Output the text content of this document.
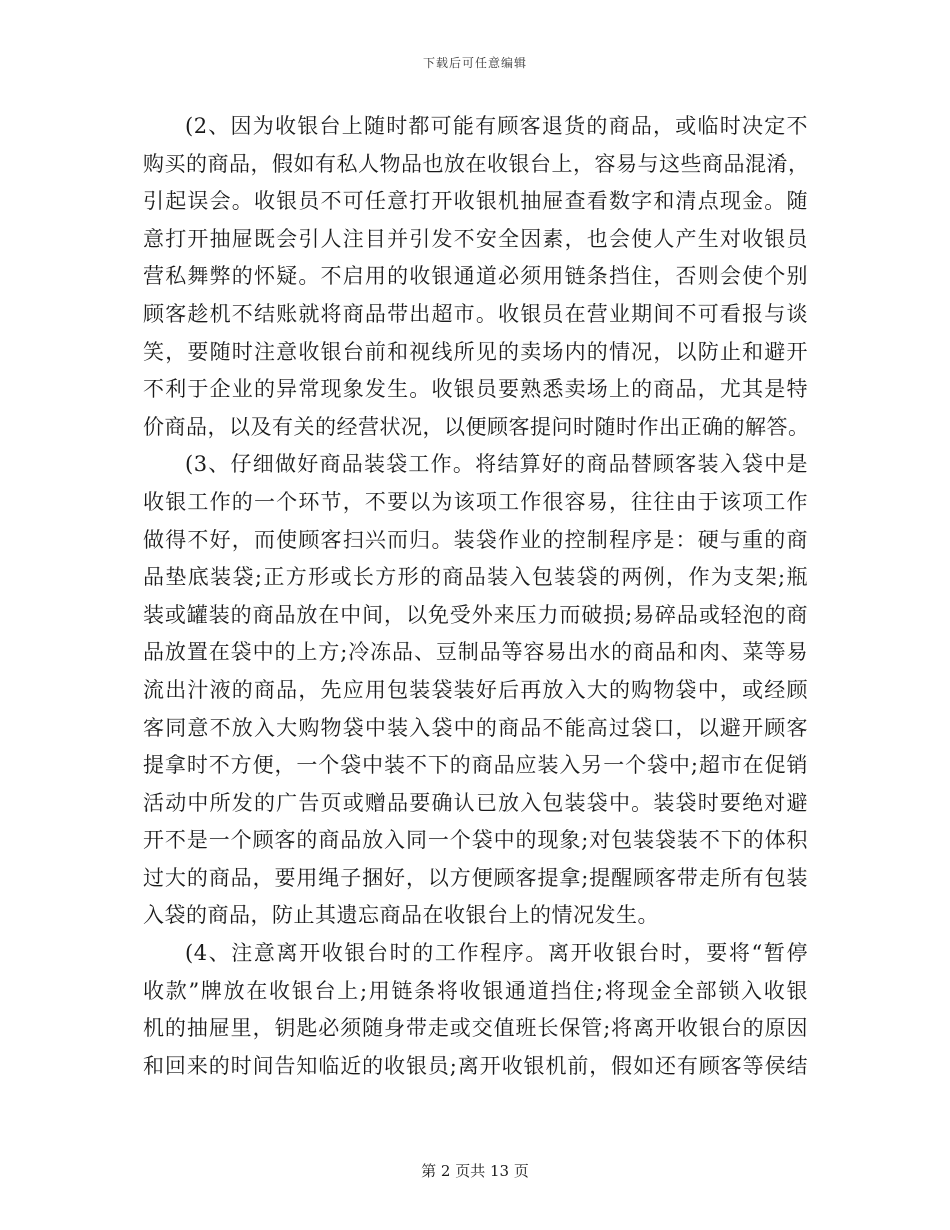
下载后可任意编辑
(2、因为收银台上随时都可能有顾客退货的商品，或临时决定不
购买的商品，假如有私人物品也放在收银台上，容易与这些商品混淆，
引起误会。收银员不可任意打开收银机抽屉查看数字和清点现金。随
意打开抽屉既会引人注目并引发不安全因素，也会使人产生对收银员
营私舞弊的怀疑。不启用的收银通道必须用链条挡住，否则会使个别
顾客趁机不结账就将商品带出超市。收银员在营业期间不可看报与谈
笑，要随时注意收银台前和视线所见的卖场内的情况，以防止和避开
不利于企业的异常现象发生。收银员要熟悉卖场上的商品，尤其是特
价商品，以及有关的经营状况，以便顾客提问时随时作出正确的解答。
(3、仔细做好商品装袋工作。将结算好的商品替顾客装入袋中是
收银工作的一个环节，不要以为该项工作很容易，往往由于该项工作
做得不好，而使顾客扫兴而归。装袋作业的控制程序是：硬与重的商
品垫底装袋;正方形或长方形的商品装入包装袋的两例，作为支架;瓶
装或罐装的商品放在中间，以免受外来压力而破损;易碎品或轻泡的商
品放置在袋中的上方;冷冻品、豆制品等容易出水的商品和肉、菜等易
流出汁液的商品，先应用包装袋装好后再放入大的购物袋中，或经顾
客同意不放入大购物袋中装入袋中的商品不能高过袋口，以避开顾客
提拿时不方便，一个袋中装不下的商品应装入另一个袋中;超市在促销
活动中所发的广告页或赠品要确认已放入包装袋中。装袋时要绝对避
开不是一个顾客的商品放入同一个袋中的现象;对包装袋装不下的体积
过大的商品，要用绳子捆好，以方便顾客提拿;提醒顾客带走所有包装
入袋的商品，防止其遗忘商品在收银台上的情况发生。
(4、注意离开收银台时的工作程序。离开收银台时，要将“暂停
收款”牌放在收银台上;用链条将收银通道挡住;将现金全部锁入收银
机的抽屉里，钥匙必须随身带走或交值班长保管;将离开收银台的原因
和回来的时间告知临近的收银员;离开收银机前，假如还有顾客等侯结
第 2 页共 13 页
